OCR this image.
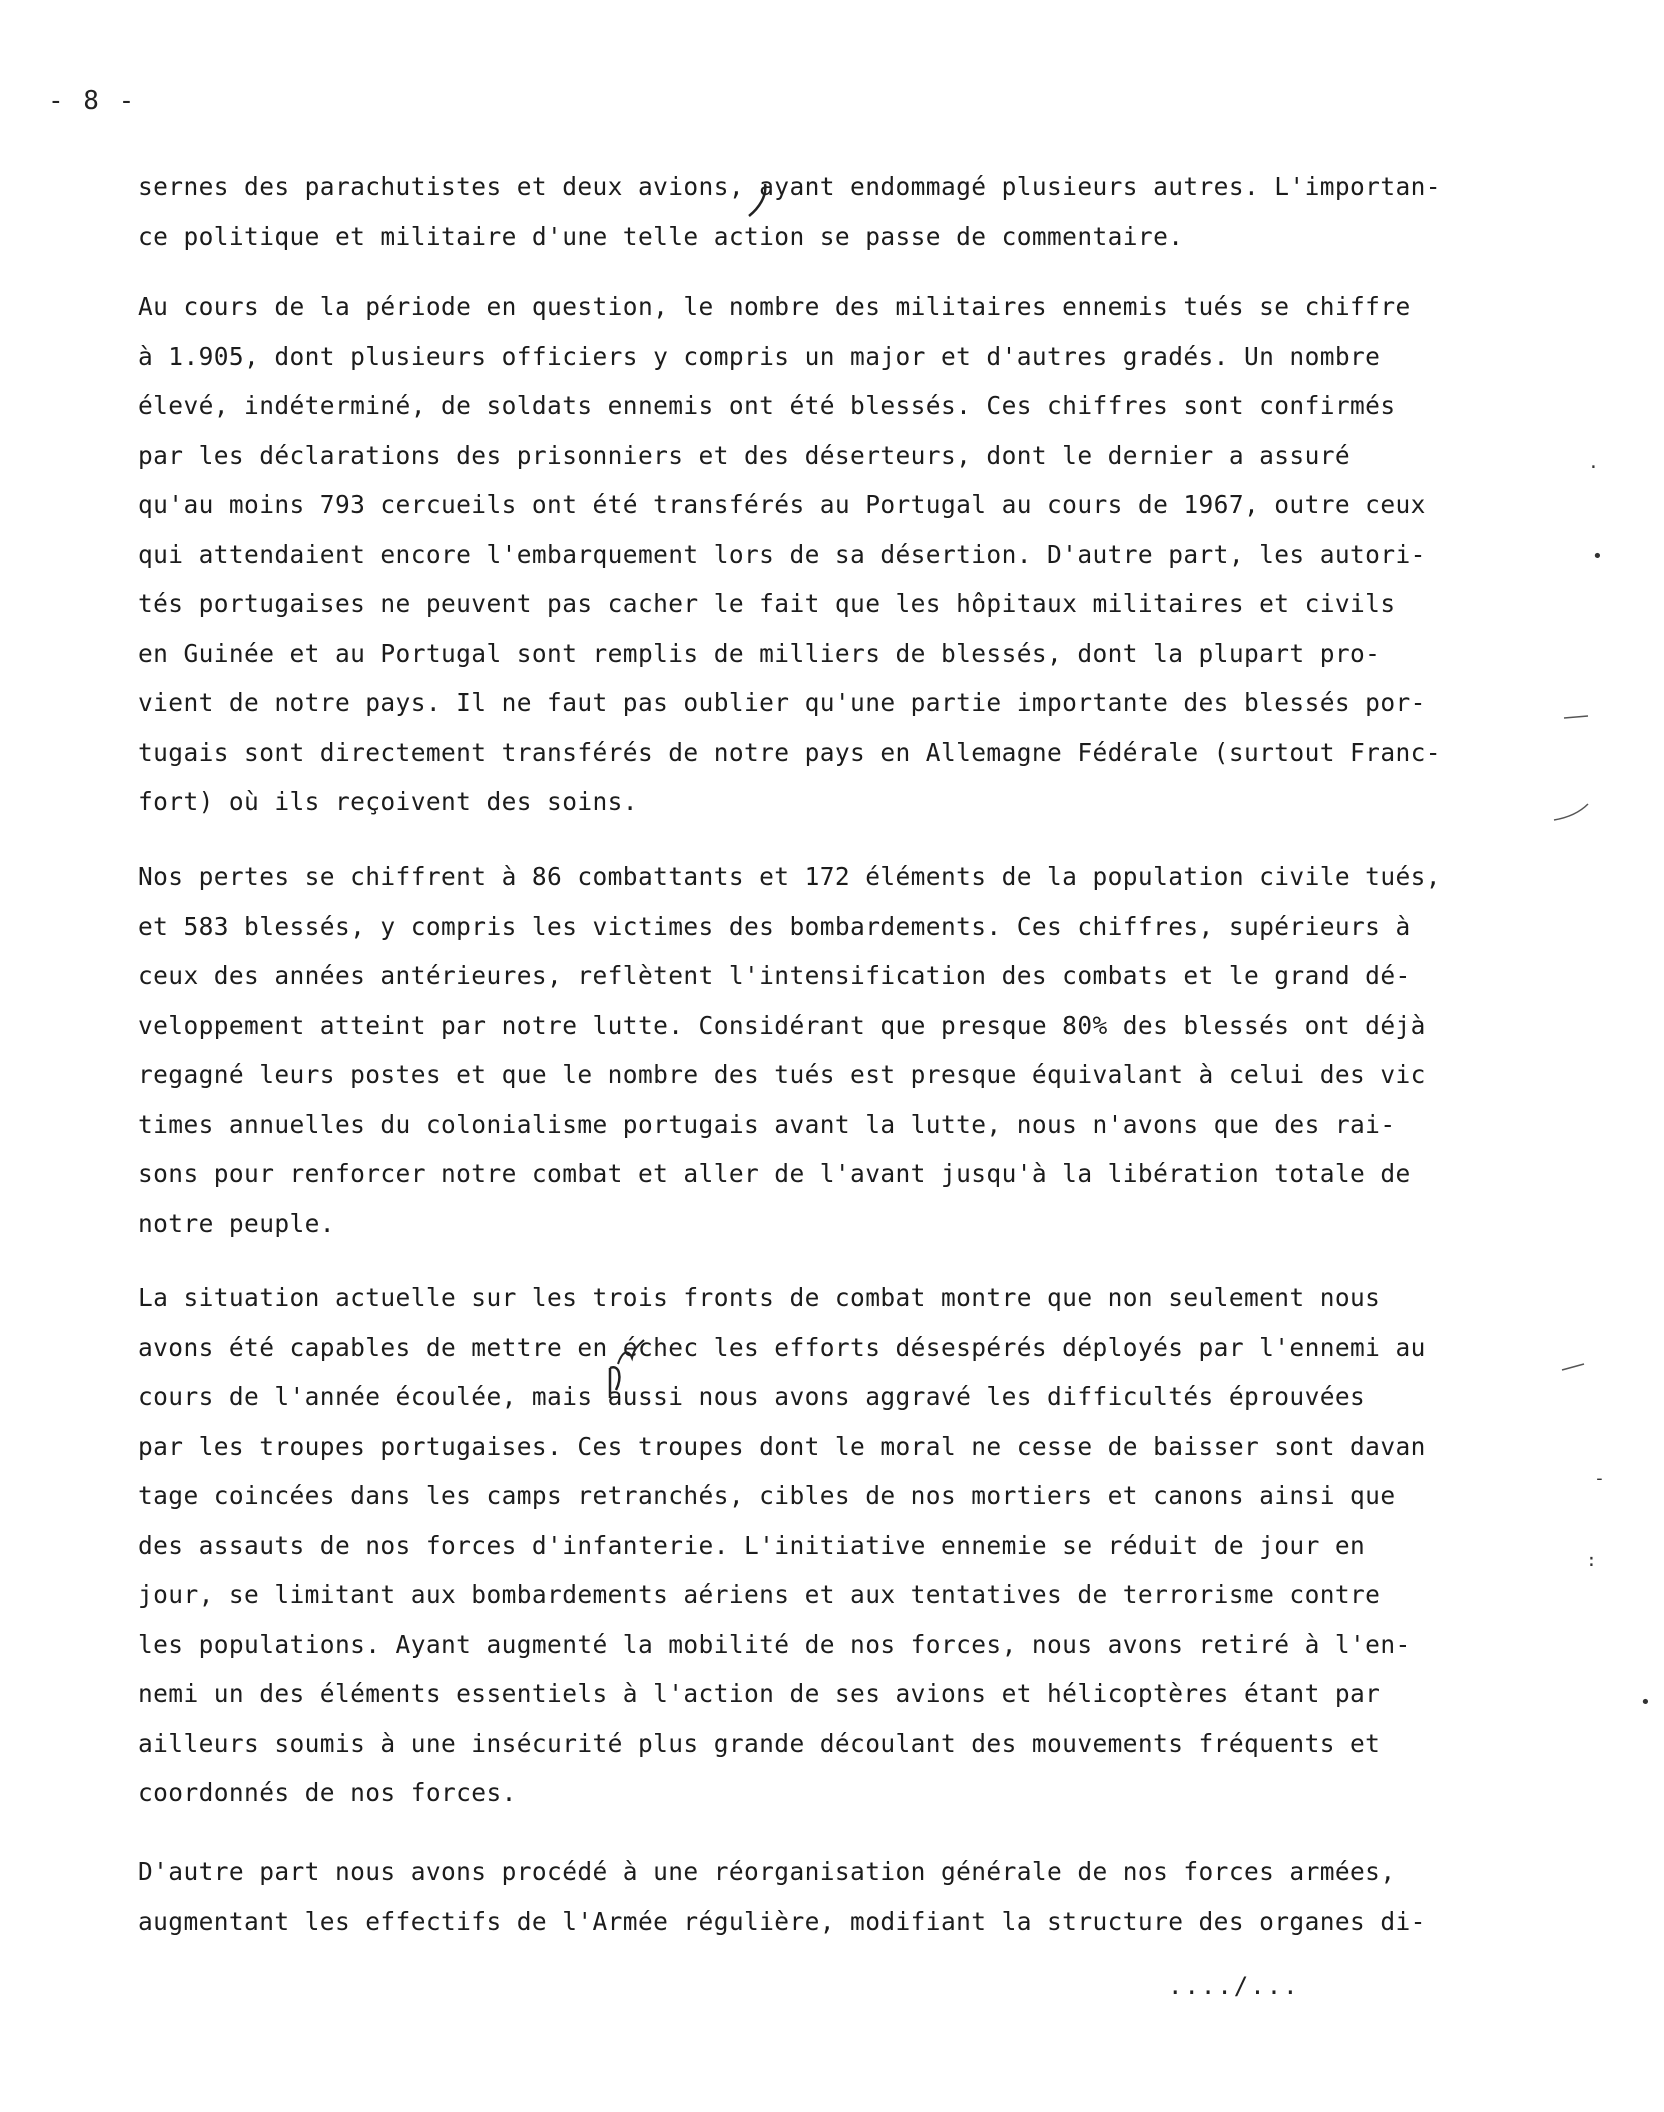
- 8 -
sernes des parachutistes et deux avions, ayant endommagé plusieurs autres. L'importan-
ce politique et militaire d'une telle action se passe de commentaire.
Au cours de la période en question, le nombre des militaires ennemis tués se chiffre
à 1.905, dont plusieurs officiers y compris un major et d'autres gradés. Un nombre
élevé, indéterminé, de soldats ennemis ont été blessés. Ces chiffres sont confirmés
par les déclarations des prisonniers et des déserteurs, dont le dernier a assuré
qu'au moins 793 cercueils ont été transférés au Portugal au cours de 1967, outre ceux
qui attendaient encore l'embarquement lors de sa désertion. D'autre part, les autori-
tés portugaises ne peuvent pas cacher le fait que les hôpitaux militaires et civils
en Guinée et au Portugal sont remplis de milliers de blessés, dont la plupart pro-
vient de notre pays. Il ne faut pas oublier qu'une partie importante des blessés por-
tugais sont directement transférés de notre pays en Allemagne Fédérale (surtout Franc-
fort) où ils reçoivent des soins.
Nos pertes se chiffrent à 86 combattants et 172 éléments de la population civile tués,
et 583 blessés, y compris les victimes des bombardements. Ces chiffres, supérieurs à
ceux des années antérieures, reflètent l'intensification des combats et le grand dé-
veloppement atteint par notre lutte. Considérant que presque 80% des blessés ont déjà
regagné leurs postes et que le nombre des tués est presque équivalant à celui des vic
times annuelles du colonialisme portugais avant la lutte, nous n'avons que des rai-
sons pour renforcer notre combat et aller de l'avant jusqu'à la libération totale de
notre peuple.
La situation actuelle sur les trois fronts de combat montre que non seulement nous
avons été capables de mettre en échec les efforts désespérés déployés par l'ennemi au
cours de l'année écoulée, mais aussi nous avons aggravé les difficultés éprouvées
par les troupes portugaises. Ces troupes dont le moral ne cesse de baisser sont davan
tage coincées dans les camps retranchés, cibles de nos mortiers et canons ainsi que
des assauts de nos forces d'infanterie. L'initiative ennemie se réduit de jour en
jour, se limitant aux bombardements aériens et aux tentatives de terrorisme contre
les populations. Ayant augmenté la mobilité de nos forces, nous avons retiré à l'en-
nemi un des éléments essentiels à l'action de ses avions et hélicoptères étant par
ailleurs soumis à une insécurité plus grande découlant des mouvements fréquents et
coordonnés de nos forces.
D'autre part nous avons procédé à une réorganisation générale de nos forces armées,
augmentant les effectifs de l'Armée régulière, modifiant la structure des organes di-
..../...
.
•
-
:
•
